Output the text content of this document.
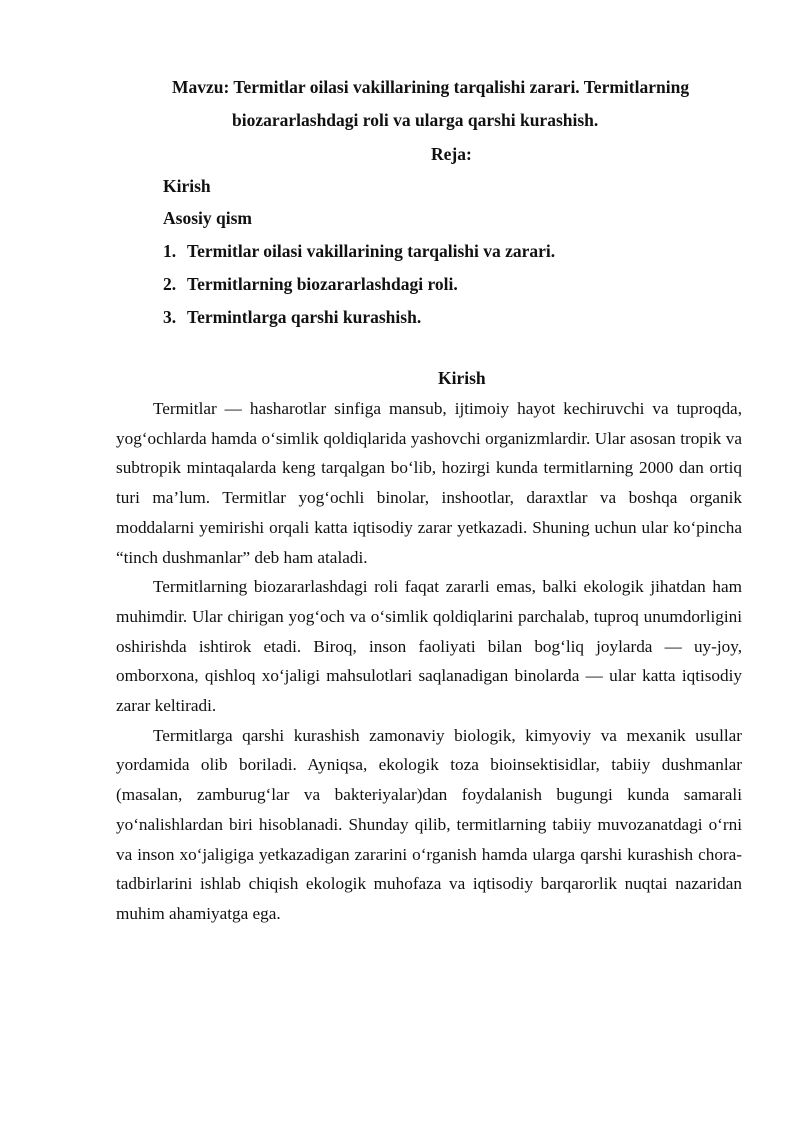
Mavzu: Termitlar oilasi vakillarining tarqalishi zarari. Termitlarning
biozararlashdagi roli va ularga qarshi kurashish.
Reja:
Kirish
Asosiy qism
1. Termitlar oilasi vakillarining tarqalishi va zarari.
2. Termitlarning biozararlashdagi roli.
3. Termintlarga qarshi kurashish.
Kirish

Termitlar — hasharotlar sinfiga mansub, ijtimoiy hayot kechiruvchi va tuproqda, yog‘ochlarda hamda o‘simlik qoldiqlarida yashovchi organizmlardir. Ular asosan tropik va subtropik mintaqalarda keng tarqalgan bo‘lib, hozirgi kunda termitlarning 2000 dan ortiq turi ma’lum. Termitlar yog‘ochli binolar, inshootlar, daraxtlar va boshqa organik moddalarni yemirishi orqali katta iqtisodiy zarar yetkazadi. Shuning uchun ular ko‘pincha “tinch dushmanlar” deb ham ataladi.

Termitlarning biozararlashdagi roli faqat zararli emas, balki ekologik jihatdan ham muhimdir. Ular chirigan yog‘och va o‘simlik qoldiqlarini parchalab, tuproq unumdorligini oshirishda ishtirok etadi. Biroq, inson faoliyati bilan bog‘liq joylarda — uy-joy, omborxona, qishloq xo‘jaligi mahsulotlari saqlanadigan binolarda — ular katta iqtisodiy zarar keltiradi.

Termitlarga qarshi kurashish zamonaviy biologik, kimyoviy va mexanik usullar yordamida olib boriladi. Ayniqsa, ekologik toza bioinsektisidlar, tabiiy dushmanlar (masalan, zamburug‘lar va bakteriyalar)dan foydalanish bugungi kunda samarali yo‘nalishlardan biri hisoblanadi. Shunday qilib, termitlarning tabiiy muvozanatdagi o‘rni va inson xo‘jaligiga yetkazadigan zararini o‘rganish hamda ularga qarshi kurashish chora-tadbirlarini ishlab chiqish ekologik muhofaza va iqtisodiy barqarorlik nuqtai nazaridan muhim ahamiyatga ega.
